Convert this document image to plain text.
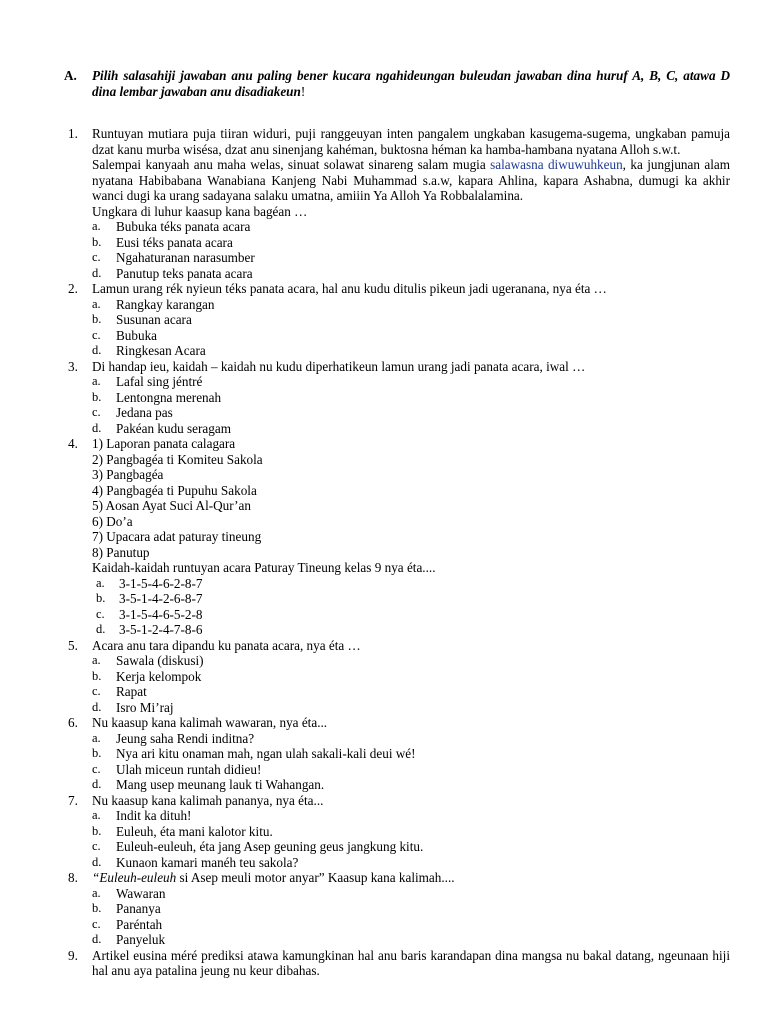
A. Pilih salasahiji jawaban anu paling bener kucara ngahideungan buleudan jawaban dina huruf A, B, C, atawa D dina lembar jawaban anu disadiakeun!
1.	Runtuyan mutiara puja tiiran widuri, puji ranggeuyan inten pangalem ungkaban kasugema-sugema, ungkaban pamuja dzat kanu murba wisésa, dzat anu sinenjang kahéman, buktosna héman ka hamba-hambana nyatana Alloh s.w.t.
Salempai kanyaah anu maha welas, sinuat solawat sinareng salam mugia salawasna diwuwuhkeun, ka jungjunan alam nyatana Habibabana Wanabiana Kanjeng Nabi Muhammad s.a.w, kapara Ahlina, kapara Ashabna, dumugi ka akhir wanci dugi ka urang sadayana salaku umatna, amiiin Ya Alloh Ya Robbalalamina.
Ungkara di luhur kaasup kana bagéan …
a. Bubuka téks panata acara
b. Eusi téks panata acara
c. Ngahaturanan narasumber
d. Panutup teks panata acara
2.	Lamun urang rék nyieun téks panata acara, hal anu kudu ditulis pikeun jadi ugeranana, nya éta …
a. Rangkay karangan
b. Susunan acara
c. Bubuka
d. Ringkesan Acara
3.	Di handap ieu, kaidah – kaidah nu kudu diperhatikeun lamun urang jadi panata acara, iwal …
a. Lafal sing jéntré
b. Lentongna merenah
c. Jedana pas
d. Pakéan kudu seragam
4.	1) Laporan panata calagara
2) Pangbagéa ti Komiteu Sakola
3) Pangbagéa
4) Pangbagéa ti Pupuhu Sakola
5) Aosan Ayat Suci Al-Qur’an
6) Do’a
7) Upacara adat paturay tineung
8) Panutup
Kaidah-kaidah runtuyan acara Paturay Tineung kelas 9 nya éta....
a. 3-1-5-4-6-2-8-7
b. 3-5-1-4-2-6-8-7
c. 3-1-5-4-6-5-2-8
d. 3-5-1-2-4-7-8-6
5.	Acara anu tara dipandu ku panata acara, nya éta …
a. Sawala (diskusi)
b. Kerja kelompok
c. Rapat
d. Isro Mi’raj
6.	Nu kaasup kana kalimah wawaran, nya éta...
a. Jeung saha Rendi inditna?
b. Nya ari kitu onaman mah, ngan ulah sakali-kali deui wé!
c. Ulah miceun runtah didieu!
d. Mang usep meunang lauk ti Wahangan.
7.	Nu kaasup kana kalimah pananya, nya éta...
a. Indit ka dituh!
b. Euleuh, éta mani kalotor kitu.
c. Euleuh-euleuh, éta jang Asep geuning geus jangkung kitu.
d. Kunaon kamari manéh teu sakola?
8.	“Euleuh-euleuh si Asep meuli motor anyar” Kaasup kana kalimah....
a. Wawaran
b. Pananya
c. Paréntah
d. Panyeluk
9.	Artikel eusina méré prediksi atawa kamungkinan hal anu baris karandapan dina mangsa nu bakal datang, ngeunaan hiji hal anu aya patalina jeung nu keur dibahas.
